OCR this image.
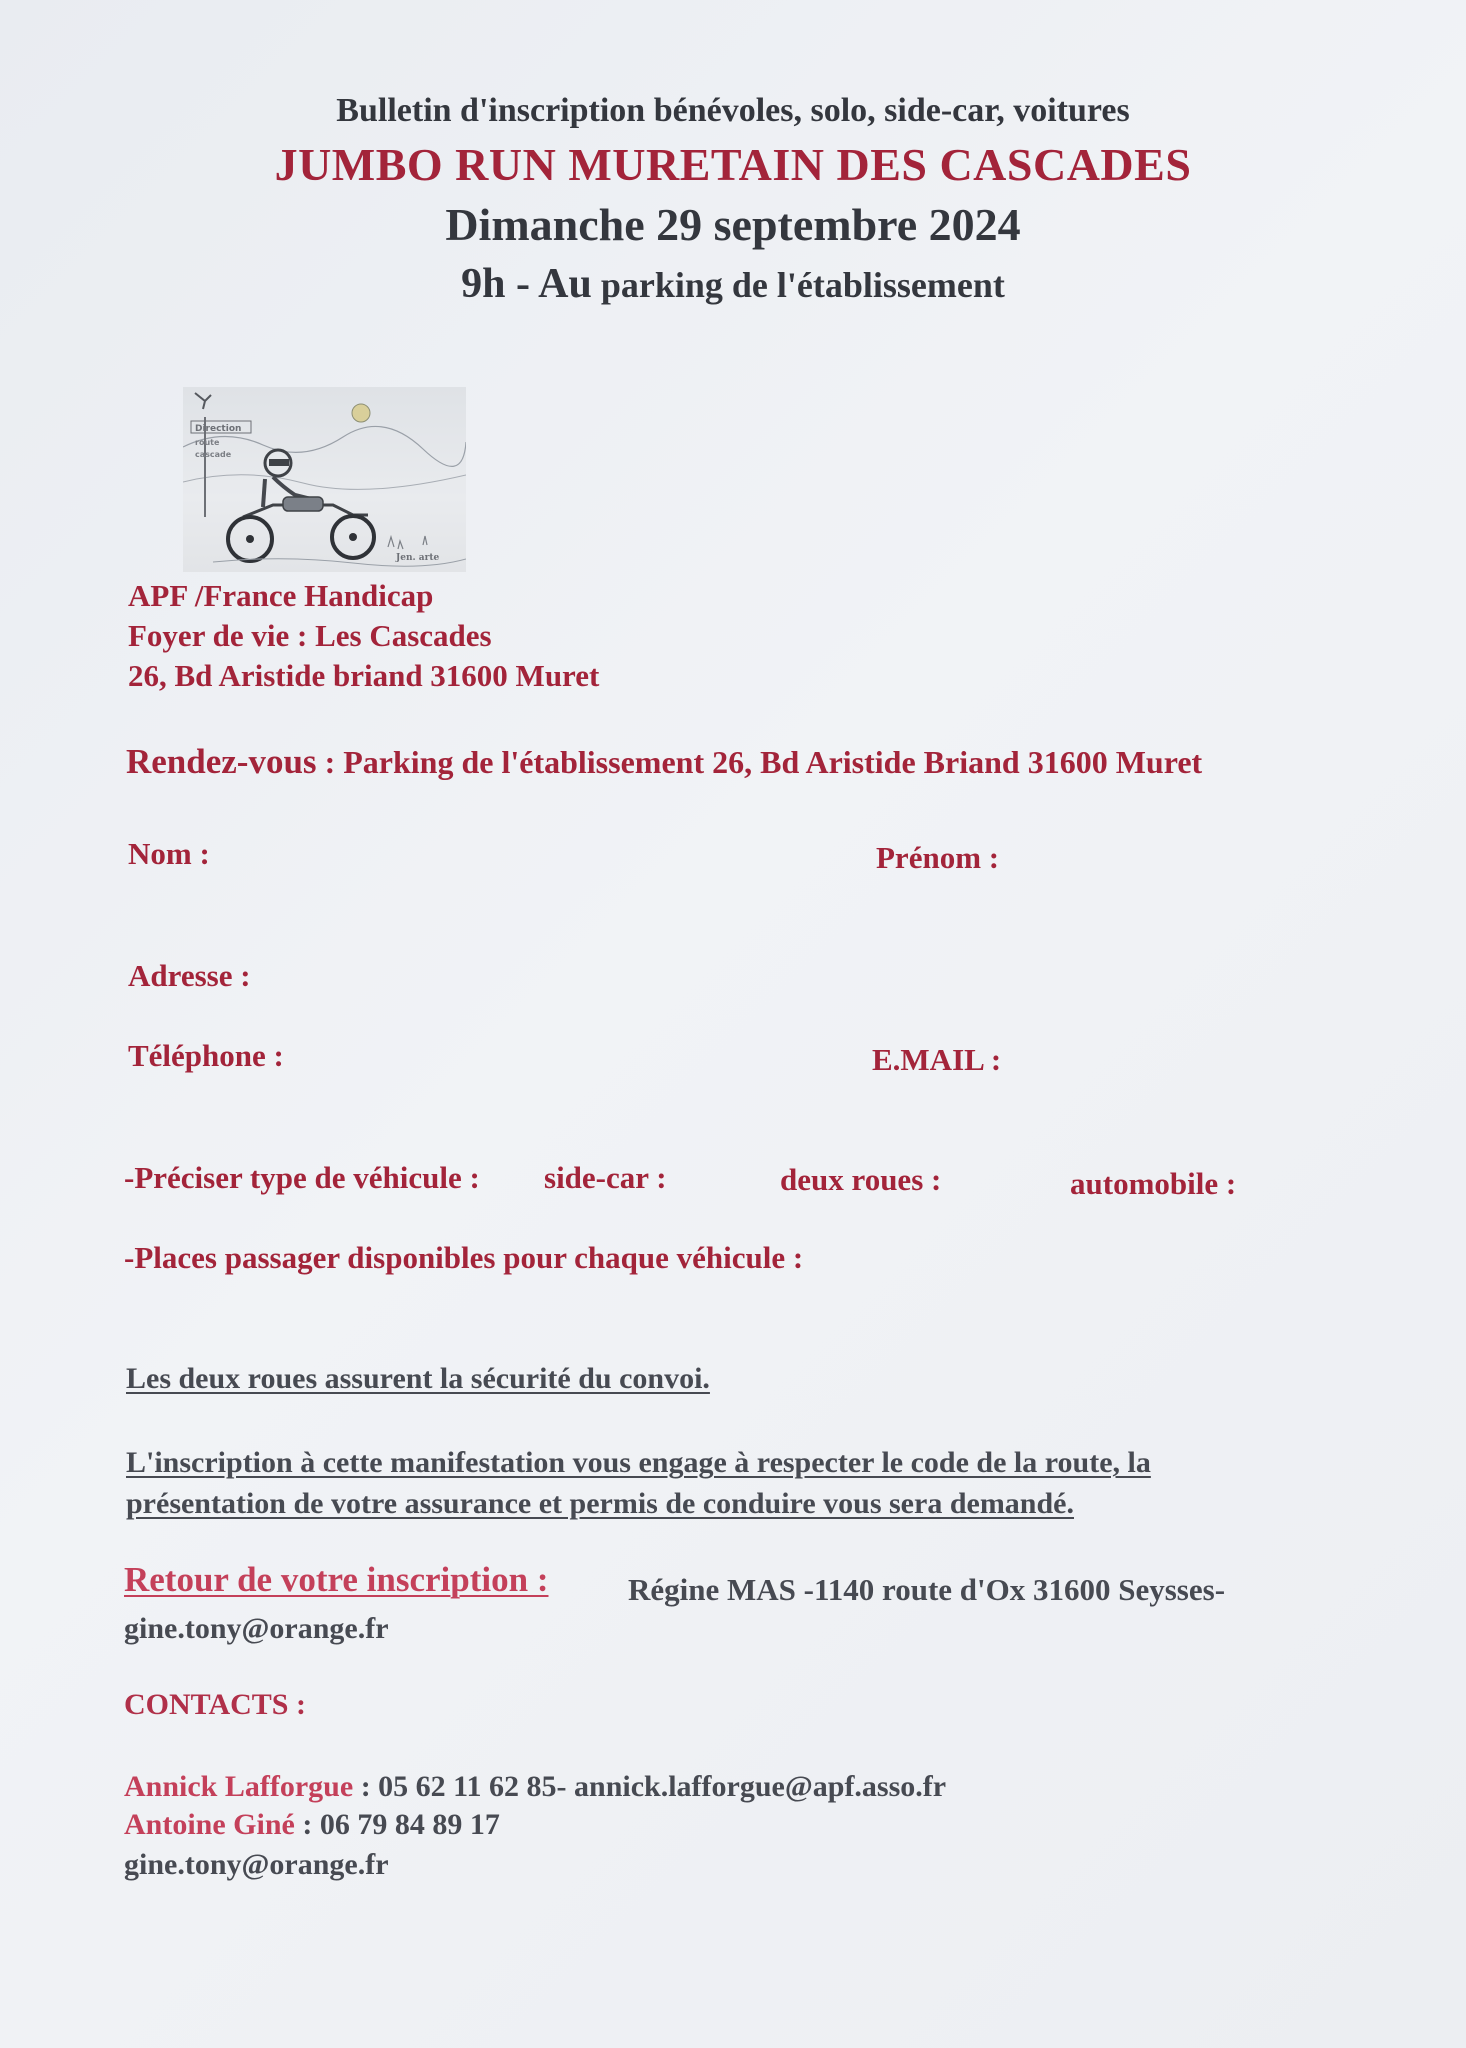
Bulletin d'inscription bénévoles, solo, side-car, voitures
JUMBO RUN MURETAIN DES CASCADES
Dimanche 29 septembre 2024
9h - Au parking de l'établissement
Direction
route
cascade
Jen. arte
APF /France Handicap
Foyer de vie : Les Cascades
26, Bd Aristide briand 31600 Muret
Rendez-vous : Parking de l'établissement 26, Bd Aristide Briand 31600 Muret
Nom :	Prénom :
Adresse :
Téléphone :	E.MAIL :
-Préciser type de véhicule : side-car :	deux roues :	automobile :
-Places passager disponibles pour chaque véhicule :
Les deux roues assurent la sécurité du convoi.
L'inscription à cette manifestation vous engage à respecter le code de la route, la
présentation de votre assurance et permis de conduire vous sera demandé.
Retour de votre inscription :	Régine MAS -1140 route d'Ox 31600 Seysses-
gine.tony@orange.fr
CONTACTS :
Annick Lafforgue : 05 62 11 62 85- annick.lafforgue@apf.asso.fr
Antoine Giné : 06 79 84 89 17
gine.tony@orange.fr
